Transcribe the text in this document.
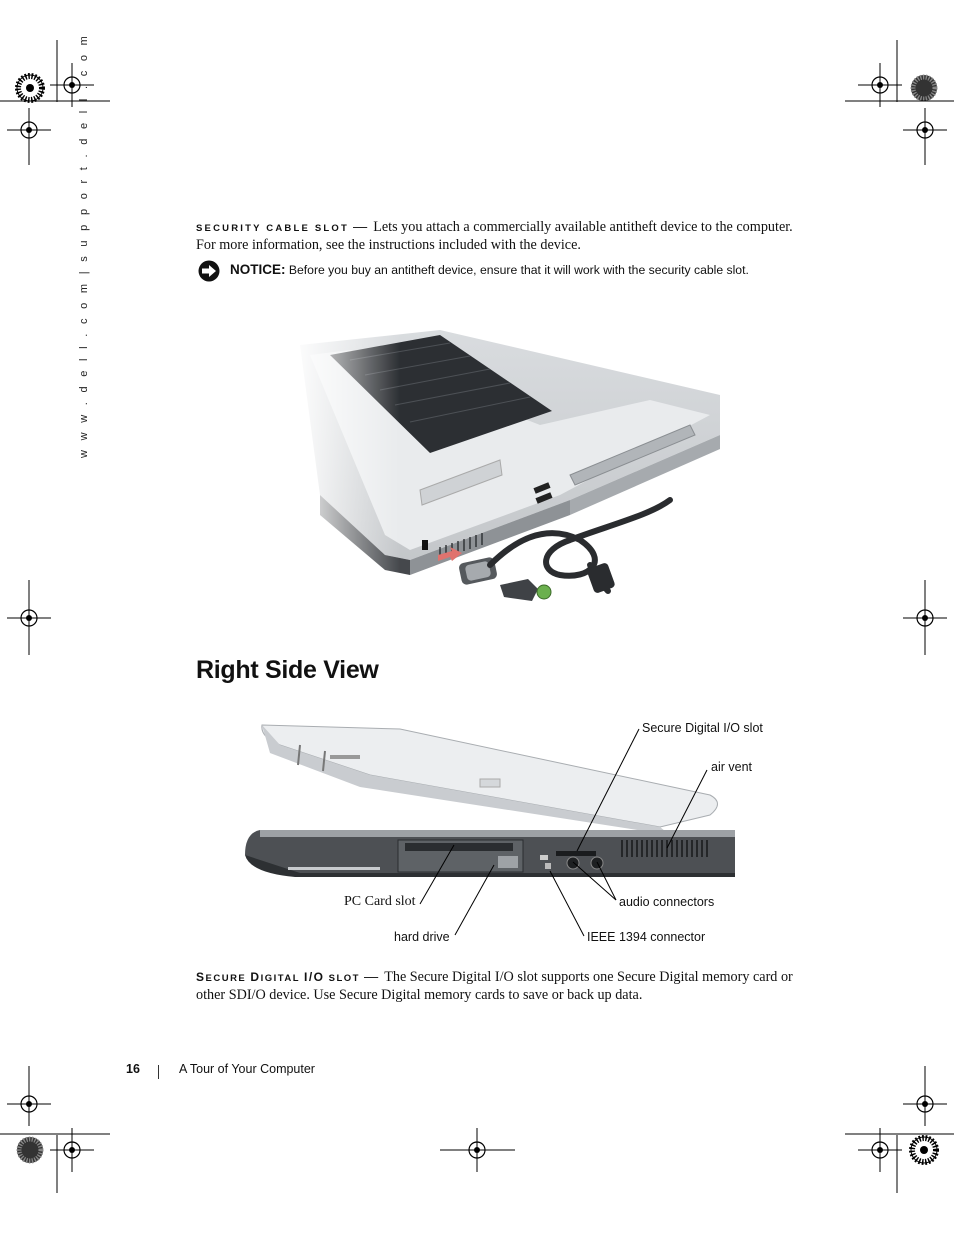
w w w . d e l l . c o m | s u p p o r t . d e l l . c o m	SECURITY CABLE SLOT — Lets you attach a commercially available antitheft device to the computer. For more information, see the instructions included with the device.
NOTICE: Before you buy an antitheft device, ensure that it will work with the security cable slot.
Right Side View
Secure Digital I/O slot
air vent
PC Card slot	audio connectors
hard drive	IEEE 1394 connector
SECURE DIGITAL I/O SLOT — The Secure Digital I/O slot supports one Secure Digital memory card or other SDI/O device. Use Secure Digital memory cards to save or back up data.
16	A Tour of Your Computer
